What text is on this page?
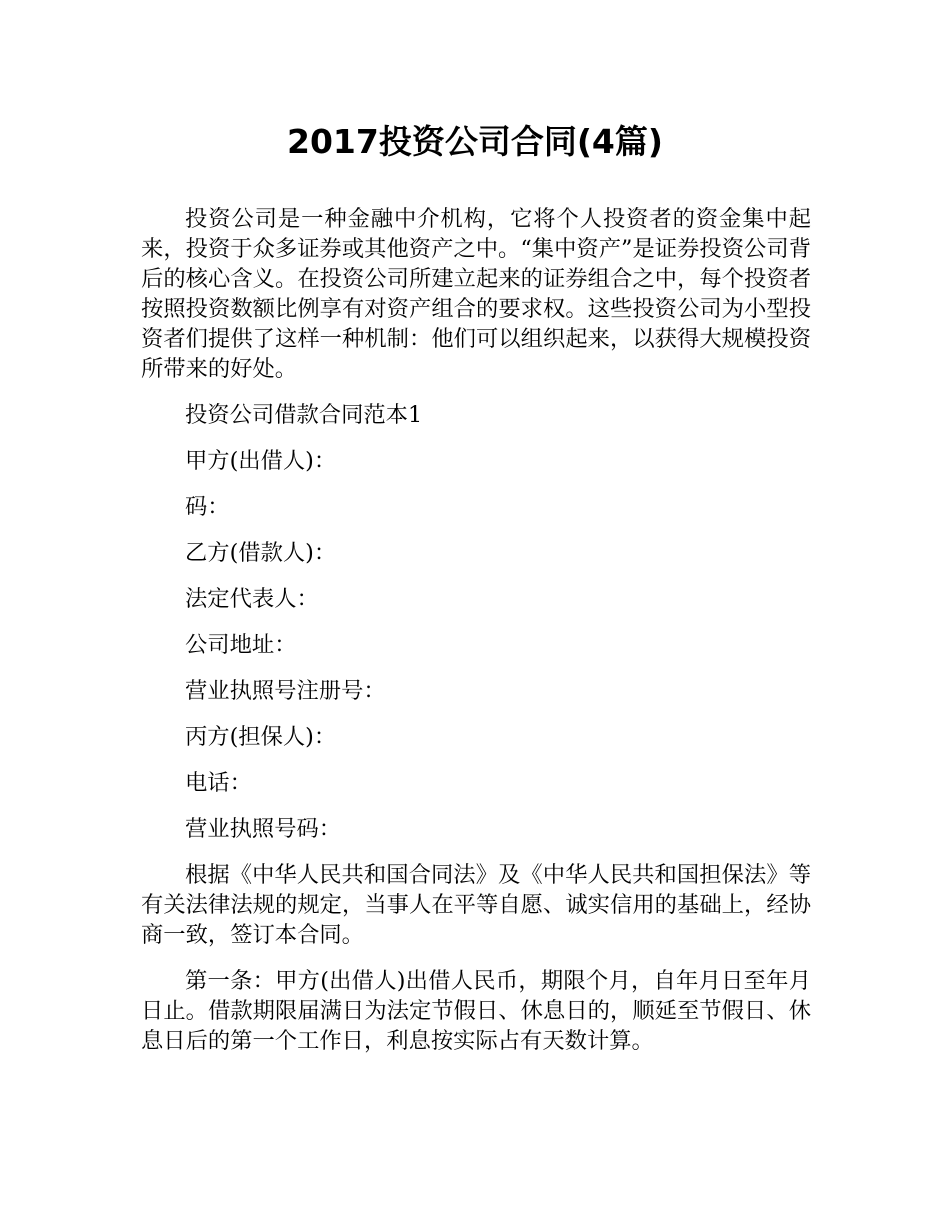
2017投资公司合同(4篇)

投资公司是一种金融中介机构，它将个人投资者的资金集中起来，投资于众多证券或其他资产之中。“集中资产”是证券投资公司背后的核心含义。在投资公司所建立起来的证券组合之中，每个投资者按照投资数额比例享有对资产组合的要求权。这些投资公司为小型投资者们提供了这样一种机制：他们可以组织起来，以获得大规模投资所带来的好处。

投资公司借款合同范本1

甲方(出借人)：

码：

乙方(借款人)：

法定代表人：

公司地址：

营业执照号注册号：

丙方(担保人)：

电话：

营业执照号码：

根据《中华人民共和国合同法》及《中华人民共和国担保法》等有关法律法规的规定，当事人在平等自愿、诚实信用的基础上，经协商一致，签订本合同。

第一条：甲方(出借人)出借人民币，期限个月，自年月日至年月日止。借款期限届满日为法定节假日、休息日的，顺延至节假日、休息日后的第一个工作日，利息按实际占有天数计算。
